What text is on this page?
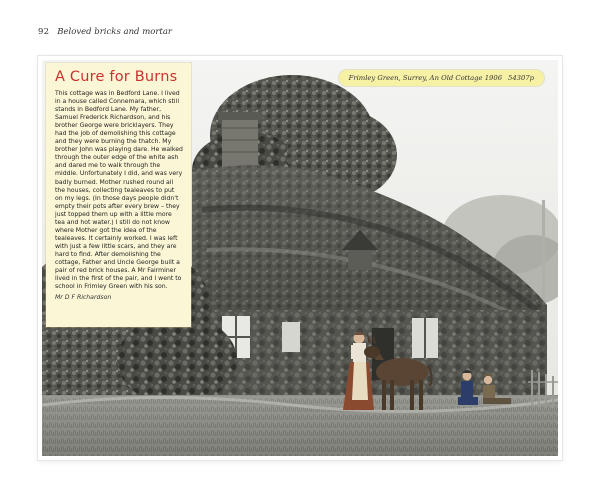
92 Beloved bricks and mortar
Frimley Green, Surrey, An Old Cottage 1906 54307p
A Cure for Burns

This cottage was in Bedford Lane. I lived in a house called Connemara, which still stands in Bedford Lane. My father, Samuel Frederick Richardson, and his brother George were bricklayers. They had the job of demolishing this cottage and they were burning the thatch. My brother John was playing dare. He walked through the outer edge of the white ash and dared me to walk through the middle. Unfortunately I did, and was very badly burned. Mother rushed round all the houses, collecting tealeaves to put on my legs. (In those days people didn't empty their pots after every brew – they just topped them up with a little more tea and hot water.) I still do not know where Mother got the idea of the tealeaves. It certainly worked. I was left with just a few little scars, and they are hard to find. After demolishing the cottage, Father and Uncle George built a pair of red brick houses. A Mr Fairminer lived in the first of the pair, and I went to school in Frimley Green with his son.

Mr D F Richardson
